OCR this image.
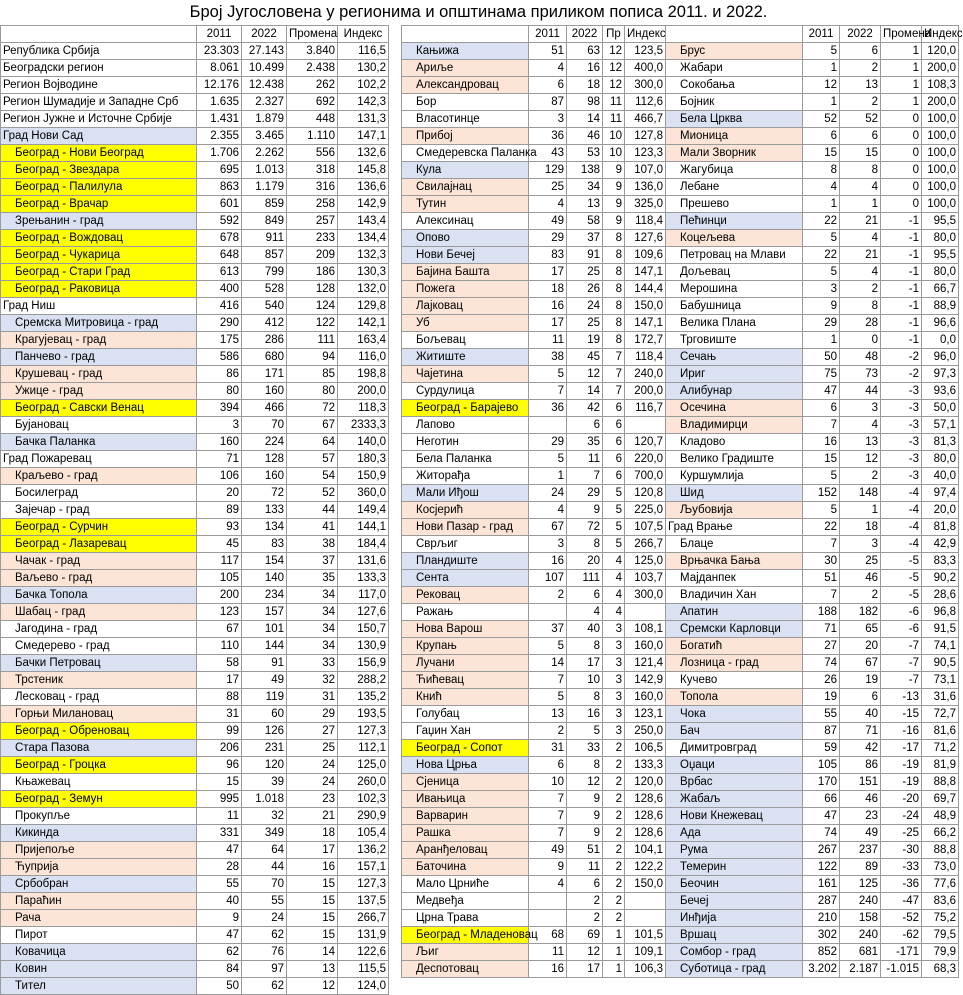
Број Југословена у регионима и општинама приликом пописа 2011. и 2022.
	2011	2022	Промена	Индекс
Република Србија	23.303	27.143	3.840	116,5
Београдски регион	8.061	10.499	2.438	130,2
Регион Војводине	12.176	12.438	262	102,2
Регион Шумадије и Западне Срб	1.635	2.327	692	142,3
Регион Јужне и Источне Србије	1.431	1.879	448	131,3
Град Нови Сад	2.355	3.465	1.110	147,1
Београд - Нови Београд	1.706	2.262	556	132,6
Београд - Звездара	695	1.013	318	145,8
Београд - Палилула	863	1.179	316	136,6
Београд - Врачар	601	859	258	142,9
Зрењанин - град	592	849	257	143,4
Београд - Вождовац	678	911	233	134,4
Београд - Чукарица	648	857	209	132,3
Београд - Стари Град	613	799	186	130,3
Београд - Раковица	400	528	128	132,0
Град Ниш	416	540	124	129,8
Сремска Митровица - град	290	412	122	142,1
Крагујевац - град	175	286	111	163,4
Панчево - град	586	680	94	116,0
Крушевац - град	86	171	85	198,8
Ужице - град	80	160	80	200,0
Београд - Савски Венац	394	466	72	118,3
Бујановац	3	70	67	2333,3
Бачка Паланка	160	224	64	140,0
Град Пожаревац	71	128	57	180,3
Краљево - град	106	160	54	150,9
Босилеград	20	72	52	360,0
Зајечар - град	89	133	44	149,4
Београд - Сурчин	93	134	41	144,1
Београд - Лазаревац	45	83	38	184,4
Чачак - град	117	154	37	131,6
Ваљево - град	105	140	35	133,3
Бачка Топола	200	234	34	117,0
Шабац - град	123	157	34	127,6
Јагодина - град	67	101	34	150,7
Смедерево - град	110	144	34	130,9
Бачки Петровац	58	91	33	156,9
Трстеник	17	49	32	288,2
Лесковац - град	88	119	31	135,2
Горњи Милановац	31	60	29	193,5
Београд - Обреновац	99	126	27	127,3
Стара Пазова	206	231	25	112,1
Београд - Гроцка	96	120	24	125,0
Књажевац	15	39	24	260,0
Београд - Земун	995	1.018	23	102,3
Прокупље	11	32	21	290,9
Кикинда	331	349	18	105,4
Пријепоље	47	64	17	136,2
Ћуприја	28	44	16	157,1
Србобран	55	70	15	127,3
Параћин	40	55	15	137,5
Рача	9	24	15	266,7
Пирот	47	62	15	131,9
Ковачица	62	76	14	122,6
Ковин	84	97	13	115,5
Тител	50	62	12	124,0
	2011	2022	Пр	Индекс
Кањижа	51	63	12	123,5
Ариље	4	16	12	400,0
Александровац	6	18	12	300,0
Бор	87	98	11	112,6
Власотинце	3	14	11	466,7
Прибој	36	46	10	127,8
Смедеревска Паланка	43	53	10	123,3
Кула	129	138	9	107,0
Свилајнац	25	34	9	136,0
Тутин	4	13	9	325,0
Алексинац	49	58	9	118,4
Опово	29	37	8	127,6
Нови Бечеј	83	91	8	109,6
Бајина Башта	17	25	8	147,1
Пожега	18	26	8	144,4
Лајковац	16	24	8	150,0
Уб	17	25	8	147,1
Бољевац	11	19	8	172,7
Житиште	38	45	7	118,4
Чајетина	5	12	7	240,0
Сурдулица	7	14	7	200,0
Београд - Барајево	36	42	6	116,7
Лапово		6	6	
Неготин	29	35	6	120,7
Бела Паланка	5	11	6	220,0
Житорађа	1	7	6	700,0
Мали Иђош	24	29	5	120,8
Косјерић	4	9	5	225,0
Нови Пазар - град	67	72	5	107,5
Сврљиг	3	8	5	266,7
Пландиште	16	20	4	125,0
Сента	107	111	4	103,7
Рековац	2	6	4	300,0
Ражањ		4	4	
Нова Варош	37	40	3	108,1
Крупањ	5	8	3	160,0
Лучани	14	17	3	121,4
Ћићевац	7	10	3	142,9
Кнић	5	8	3	160,0
Голубац	13	16	3	123,1
Гаџин Хан	2	5	3	250,0
Београд - Сопот	31	33	2	106,5
Нова Црња	6	8	2	133,3
Сјеница	10	12	2	120,0
Ивањица	7	9	2	128,6
Варварин	7	9	2	128,6
Рашка	7	9	2	128,6
Аранђеловац	49	51	2	104,1
Баточина	9	11	2	122,2
Мало Црниће	4	6	2	150,0
Медвеђа		2	2	
Црна Трава		2	2	
Београд - Младеновац	68	69	1	101,5
Љиг	11	12	1	109,1
Деспотовац	16	17	1	106,3
	2011	2022	Промена	Индекс
Брус	5	6	1	120,0
Жабари	1	2	1	200,0
Сокобања	12	13	1	108,3
Бојник	1	2	1	200,0
Бела Црква	52	52	0	100,0
Мионица	6	6	0	100,0
Мали Зворник	15	15	0	100,0
Жагубица	8	8	0	100,0
Лебане	4	4	0	100,0
Прешево	1	1	0	100,0
Пећинци	22	21	-1	95,5
Коцељева	5	4	-1	80,0
Петровац на Млави	22	21	-1	95,5
Дољевац	5	4	-1	80,0
Мерошина	3	2	-1	66,7
Бабушница	9	8	-1	88,9
Велика Плана	29	28	-1	96,6
Трговиште	1	0	-1	0,0
Сечањ	50	48	-2	96,0
Ириг	75	73	-2	97,3
Алибунар	47	44	-3	93,6
Осечина	6	3	-3	50,0
Владимирци	7	4	-3	57,1
Кладово	16	13	-3	81,3
Велико Градиште	15	12	-3	80,0
Куршумлија	5	2	-3	40,0
Шид	152	148	-4	97,4
Љубовија	5	1	-4	20,0
Град Врање	22	18	-4	81,8
Блаце	7	3	-4	42,9
Врњачка Бања	30	25	-5	83,3
Мајданпек	51	46	-5	90,2
Владичин Хан	7	2	-5	28,6
Апатин	188	182	-6	96,8
Сремски Карловци	71	65	-6	91,5
Богатић	27	20	-7	74,1
Лозница - град	74	67	-7	90,5
Кучево	26	19	-7	73,1
Топола	19	6	-13	31,6
Чока	55	40	-15	72,7
Бач	87	71	-16	81,6
Димитровград	59	42	-17	71,2
Оџаци	105	86	-19	81,9
Врбас	170	151	-19	88,8
Жабаљ	66	46	-20	69,7
Нови Кнежевац	47	23	-24	48,9
Ада	74	49	-25	66,2
Рума	267	237	-30	88,8
Темерин	122	89	-33	73,0
Беочин	161	125	-36	77,6
Бечеј	287	240	-47	83,6
Инђија	210	158	-52	75,2
Вршац	302	240	-62	79,5
Сомбор - град	852	681	-171	79,9
Суботица - град	3.202	2.187	-1.015	68,3
